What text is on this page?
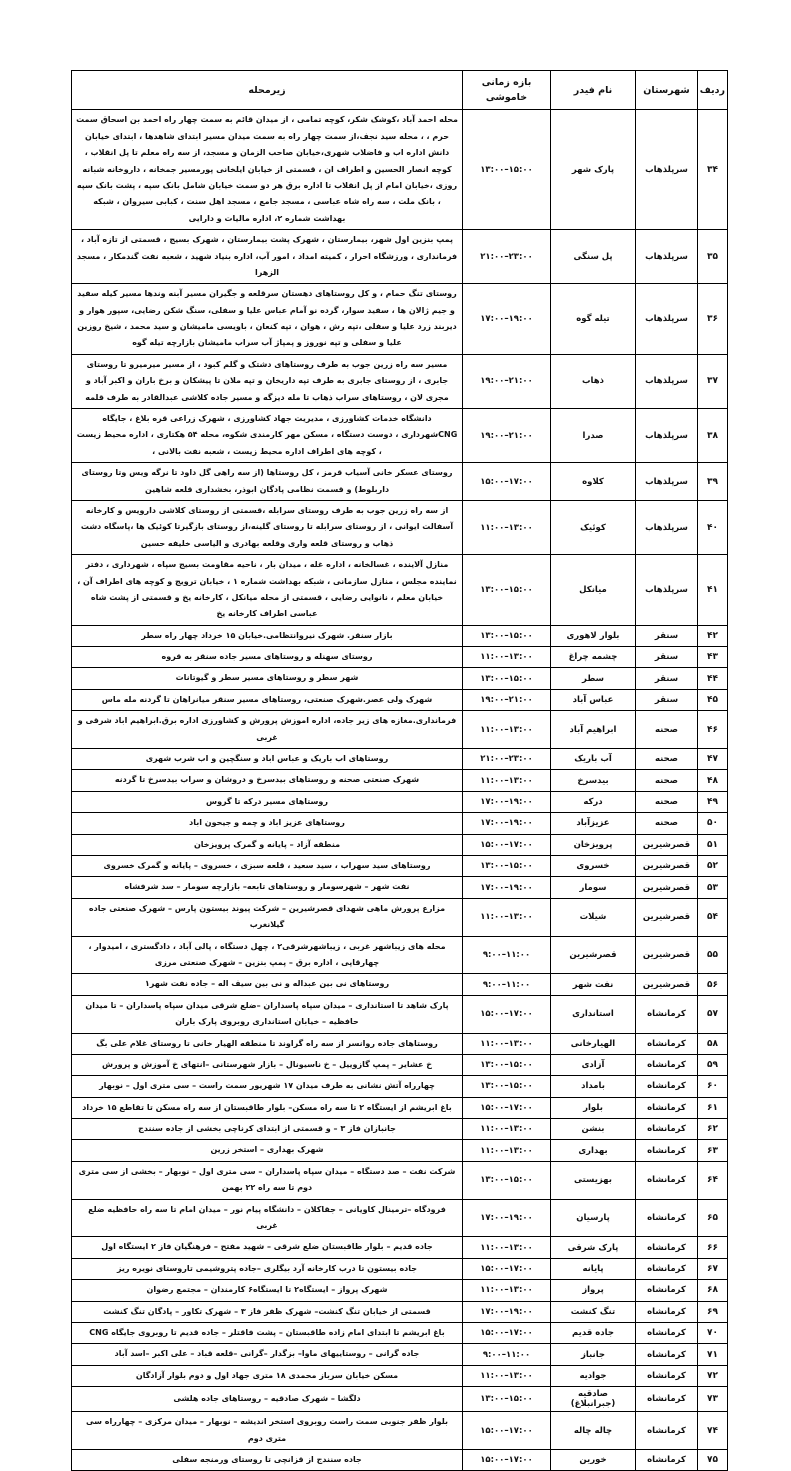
ردیف	شهرستان	نام فیدر	بازه زمانی خاموشی	زیرمحله
۳۴	سرپلذهاب	پارک شهر	۱۳:۰۰–۱۵:۰۰	محله احمد آباد ،کوشک شکر، کوچه تمامی ، از میدان قائم به سمت چهار راه احمد بن اسحاق سمت حرم ، ، محله سید نجف،از سمت چهار راه به سمت میدان مسیر ابتدای شاهدها ، ابتدای خیابان دانش اداره اب و فاضلاب شهری،خیابان صاحب الزمان و مسجد، از سه راه معلم تا پل انقلاب ، کوچه انصار الحسین و اطراف ان ، قسمتی از خیابان ایلخانی پورمسیر جمخانه ، داروخانه شبانه روزی ،خیابان امام از پل انقلاب تا اداره برق هر دو سمت خیابان شامل بانک سپه ، پشت بانک سپه ، بانک ملت ، سه راه شاه عباسی ، مسجد جامع ، مسجد اهل سنت ، کبابی سیروان ، شبکه بهداشت شماره ۲، اداره مالیات و دارایی
۳۵	سرپلذهاب	پل سنگی	۲۱:۰۰–۲۳:۰۰	پمپ بنزین اول شهر، بیمارستان ، شهرک پشت بیمارستان ، شهرک بسیج ، قسمتی از تازه آباد ، فرمانداری ، ورزشگاه احرار ، کمیته امداد ، امور آب، اداره بنیاد شهید ، شعبه نفت گندمکار ، مسجد الزهرا
۳۶	سرپلذهاب	تیله گوه	۱۷:۰۰–۱۹:۰۰	روستای تنگ حمام ، و کل روستاهای دهستان سرقلعه و جگیران مسیر آبنه وندها مسیر کیله سفید و جیم ژالان ها ، سفید سوار، گرده نو آمام عباس علیا و سفلی، سنگ شکن رضایی، سپور هوار و دیربند زرد علیا و سفلی ،تپه رش ، هوان ، تپه کنعان ، باویسی مامیشان و سید محمد ، شیخ روزین علیا و سفلی و تپه نوروز و پمپاژ آب سراب مامیشان بازارچه تیله گوه
۳۷	سرپلذهاب	ذهاب	۱۹:۰۰–۲۱:۰۰	مسیر سه راه زرین جوب به طرف روستاهای دشتک و گلم کبود ، از مسیر میرمیرو تا روستای جابری ، از روستای جابری به طرف تپه داریخان و تپه ملان تا پیشکان و برخ باران و اکبر آباد و مجری لان ، روستاهای سراب ذهاب تا مله دیزگه و مسیر جاده کلاشی عبدالقادر به طرف قلمه
۳۸	سرپلذهاب	صدرا	۱۹:۰۰–۲۱:۰۰	دانشگاه خدمات کشاورزی ، مدیریت جهاد کشاورزی ، شهرک زراعی قره بلاغ ، جایگاه CNGشهرداری ، دوست دستگاه ، مسکن مهر کارمندی شکوه، محله ۵۴ هکتاری ، اداره محیط زیست ، کوچه های اطراف اداره محیط زیست ، شعبه نفت بالانی ،
۳۹	سرپلذهاب	کلاوه	۱۵:۰۰–۱۷:۰۰	روستای عسکر خانی آسیاب قرمز ، کل روستاها (از سه راهی گل داود تا نرگه ویس وتا روستای داربلوط) و قسمت نظامی پادگان ابوذر، بخشداری قلعه شاهین
۴۰	سرپلذهاب	کوئیک	۱۱:۰۰–۱۳:۰۰	از سه راه زرین جوب به طرف روستای سرابله ،قسمتی از روستای کلاشی دارویس و کارخانه آسفالت ایوانی ، از روستای سرابله تا روستای گلینه،از روستای بازگیرتا کوئیک ها ،پاسگاه دشت ذهاب و روستای قلعه واری وقلعه بهادری و الیاسی خلیفه حسین
۴۱	سرپلذهاب	میانکل	۱۳:۰۰–۱۵:۰۰	منازل آلاینده ، غسالخانه ، اداره غله ، میدان بار ، ناحیه مقاومت بسیج سپاه ، شهرداری ، دفتر نماینده مجلس ، منازل سازمانی ، شبکه بهداشت شماره ۱ ، خیابان ترویج و کوچه های اطراف آن ، خیابان معلم ، نانوایی رضایی ، قسمتی از محله میانکل ، کارخانه یخ و قسمتی از پشت شاه عباسی اطراف کارخانه یخ
۴۲	سنقر	بلوار لاهوری	۱۳:۰۰–۱۵:۰۰	بازار سنقر. شهرک نیروانتظامی.خیابان ۱۵ خرداد چهار راه سطر
۴۳	سنقر	چشمه چراغ	۱۱:۰۰–۱۳:۰۰	روستای سهنله و روستاهای مسیر جاده سنقر به قروه
۴۴	سنقر	سطر	۱۳:۰۰–۱۵:۰۰	شهر سطر و روستاهای مسیر سطر و گیوتانات
۴۵	سنقر	عباس آباد	۱۹:۰۰–۲۱:۰۰	شهرک ولی عصر.شهرک صنعتی، روستاهای مسیر سنقر میانراهان تا گردنه مله ماس
۴۶	صحنه	ابراهیم آباد	۱۱:۰۰–۱۳:۰۰	فرمانداری.مغازه های زیر جاده، اداره اموزش پرورش و کشاورزی اداره برق.ابراهیم اباد شرقی و غربی
۴۷	صحنه	آب باریک	۲۱:۰۰–۲۳:۰۰	روستاهای اب باریک و عباس اباد و سنگچین و اب شرب شهری
۴۸	صحنه	بیدسرخ	۱۱:۰۰–۱۳:۰۰	شهرک صنعتی صحنه و روستاهای بیدسرخ و دروشان و سراب بیدسرخ تا گردنه
۴۹	صحنه	درکه	۱۷:۰۰–۱۹:۰۰	روستاهای مسیر درکه تا گروس
۵۰	صحنه	عزیزآباد	۱۷:۰۰–۱۹:۰۰	روستاهای عزیز اباد و چمه و جیحون اباد
۵۱	قصرشیرین	پرویزخان	۱۵:۰۰–۱۷:۰۰	منطقه آزاد – پایانه و گمرک پرویزخان
۵۲	قصرشیرین	خسروی	۱۳:۰۰–۱۵:۰۰	روستاهای سید سهراب ، سید سعید ، قلعه سبزی ، خسروی – پایانه و گمرک خسروی
۵۳	قصرشیرین	سومار	۱۷:۰۰–۱۹:۰۰	نفت شهر – شهرسومار و روستاهای تابعه– بازارچه سومار – سد شرفشاه
۵۴	قصرشیرین	شیلات	۱۱:۰۰–۱۳:۰۰	مزارع پرورش ماهی شهدای قصرشیرین – شرکت پیوند بیستون پارس – شهرک صنعتی جاده گیلانغرب
۵۵	قصرشیرین	قصرشیرین	۹:۰۰–۱۱:۰۰	محله های زیباشهر غربی ، زیباشهرشرقی۲ ، چهل دستگاه ، پالی آباد ، دادگستری ، امیدوار ، چهارقاپی ، اداره برق – پمپ بنزین – شهرک صنعتی مرزی
۵۶	قصرشیرین	نفت شهر	۹:۰۰–۱۱:۰۰	روستاهای نی بین عبداله و نی بین سیف اله – جاده نفت شهر۱
۵۷	کرمانشاه	استانداری	۱۵:۰۰–۱۷:۰۰	پارک شاهد تا استانداری – میدان سپاه پاسداران –ضلع شرقی میدان سپاه پاسداران – تا میدان حافظیه – خیابان استانداری روبروی پارک باران
۵۸	کرمانشاه	الهیارخانی	۱۱:۰۰–۱۳:۰۰	روستاهای جاده روانسر از سه راه گراوند تا منطقه الهیار خانی تا روستای غلام علی بگ
۵۹	کرمانشاه	آزادی	۱۳:۰۰–۱۵:۰۰	خ عشایر – پمپ گازوییل – خ ناسیونال – بازار شهرستانی –انتهای خ آموزش و پرورش
۶۰	کرمانشاه	بامداد	۱۳:۰۰–۱۵:۰۰	چهارراه آتش نشانی به طرف میدان ۱۷ شهریور سمت راست – سی متری اول – نوبهار
۶۱	کرمانشاه	بلوار	۱۵:۰۰–۱۷:۰۰	باغ ابریشم از ایستگاه ۲ تا سه راه مسکن– بلوار طاقبستان از سه راه مسکن تا تقاطع ۱۵ خرداد
۶۲	کرمانشاه	بنشن	۱۱:۰۰–۱۳:۰۰	جانبازان فاز ۳ – و قسمتی از ابتدای کرناچی بخشی از جاده سنندج
۶۳	کرمانشاه	بهداری	۱۱:۰۰–۱۳:۰۰	شهرک بهداری – استخر زرین
۶۴	کرمانشاه	بهزیستی	۱۳:۰۰–۱۵:۰۰	شرکت نفت – صد دستگاه – میدان سپاه پاسداران – سی متری اول – نوبهار – بخشی از سی متری دوم تا سه راه ۲۲ بهمن
۶۵	کرمانشاه	پارسیان	۱۷:۰۰–۱۹:۰۰	فرودگاه –ترمینال کاویانی – جقاکلان – دانشگاه پیام نور – میدان امام تا سه راه حافظیه ضلع غربی
۶۶	کرمانشاه	پارک شرقی	۱۱:۰۰–۱۳:۰۰	جاده قدیم – بلوار طاقبستان ضلع شرقی – شهید مفتح – فرهنگیان فاز ۲ ایستگاه اول
۶۷	کرمانشاه	پایانه	۱۵:۰۰–۱۷:۰۰	جاده بیستون تا درب کارخانه آرد بیگلری –جاده پتروشیمی تاروستای نویره ریز
۶۸	کرمانشاه	پرواز	۱۱:۰۰–۱۳:۰۰	شهرک پرواز – ایستگاه۲ تا ایستگاه۶ کارمندان – مجتمع رضوان
۶۹	کرمانشاه	تنگ کنشت	۱۷:۰۰–۱۹:۰۰	قسمتی از خیابان تنگ کنشت– شهرک ظفر فاز ۳ – شهرک تکاور – پادگان تنگ کنشت
۷۰	کرمانشاه	جاده قدیم	۱۵:۰۰–۱۷:۰۰	باغ ابریشم تا ابتدای امام زاده طاقبستان – پشت فاقتلر – جاده قدیم تا روبروی جایگاه CNG
۷۱	کرمانشاه	جانباز	۹:۰۰–۱۱:۰۰	جاده گرانی – روستاییهای ماوا– بزگدار –گرانی –قلعه قباد – علی اکبر –اسد آباد
۷۲	کرمانشاه	جوادیه	۱۱:۰۰–۱۳:۰۰	مسکن خیابان سرباز محمدی ۱۸ متری جهاد اول و دوم بلوار آزادگان
۷۳	کرمانشاه	صادقیه (جبرانبلاغ)	۱۳:۰۰–۱۵:۰۰	دلگشا – شهرک صادقیه – روستاهای جاده هلشی
۷۴	کرمانشاه	چاله چاله	۱۵:۰۰–۱۷:۰۰	بلوار ظفر جنوبی سمت راست روبروی استخر اندیشه – نوبهار – میدان مرکزی – چهارراه سی متری دوم
۷۵	کرمانشاه	خورین	۱۵:۰۰–۱۷:۰۰	جاده سنندج از قزانچی تا روستای ورمنجه سفلی
